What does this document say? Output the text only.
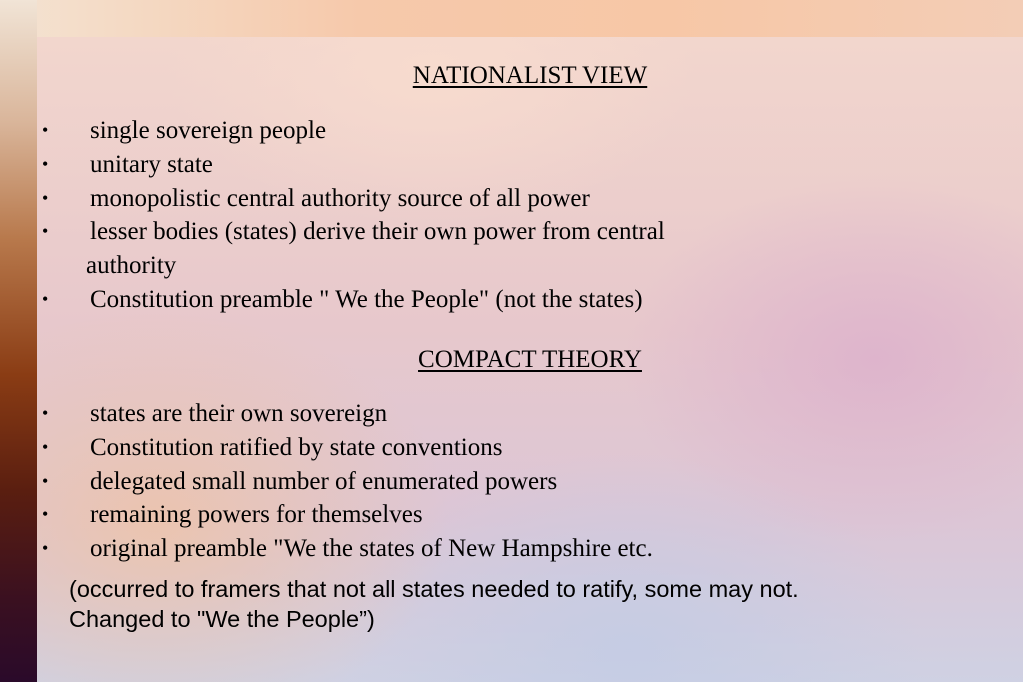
NATIONALIST VIEW
• single sovereign people
• unitary state
• monopolistic central authority source of all power
• lesser bodies (states) derive their own power from central
authority
• Constitution preamble " We the People" (not the states)
COMPACT THEORY
• states are their own sovereign
• Constitution ratified by state conventions
• delegated small number of enumerated powers
• remaining powers for themselves
• original preamble "We the states of New Hampshire etc.

(occurred to framers that not all states needed to ratify, some may not.
Changed to "We the People”)
